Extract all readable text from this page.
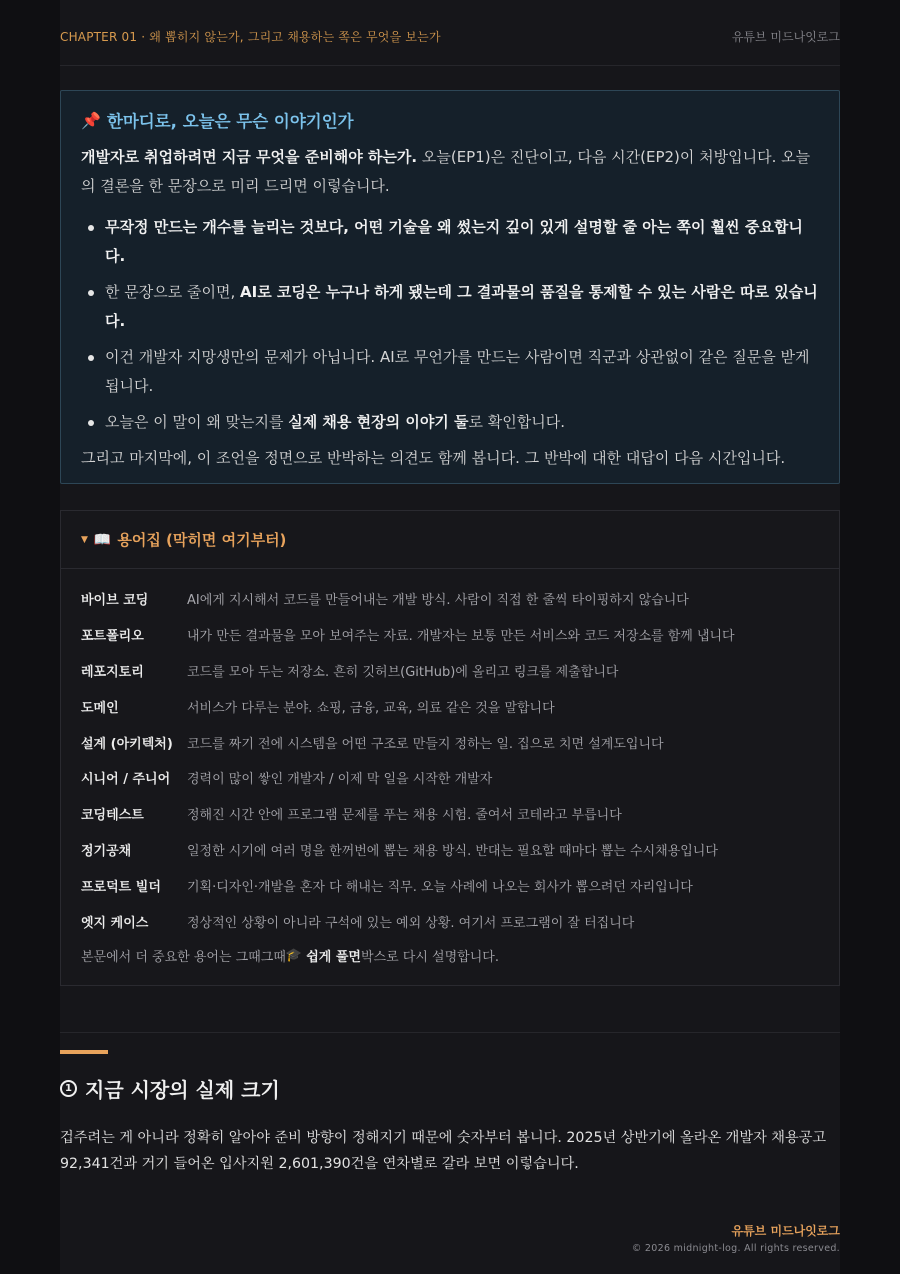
CHAPTER 01 · 왜 뽑히지 않는가, 그리고 채용하는 쪽은 무엇을 보는가	유튜브 미드나잇로그
📌 한마디로, 오늘은 무슨 이야기인가
개발자로 취업하려면 지금 무엇을 준비해야 하는가. 오늘(EP1)은 진단이고, 다음 시간(EP2)이 처방입니다. 오늘의 결론을 한 문장으로 미리 드리면 이렇습니다.
무작정 만드는 개수를 늘리는 것보다, 어떤 기술을 왜 썼는지 깊이 있게 설명할 줄 아는 쪽이 훨씬 중요합니다.
한 문장으로 줄이면, AI로 코딩은 누구나 하게 됐는데 그 결과물의 품질을 통제할 수 있는 사람은 따로 있습니다.
이건 개발자 지망생만의 문제가 아닙니다. AI로 무언가를 만드는 사람이면 직군과 상관없이 같은 질문을 받게 됩니다.
오늘은 이 말이 왜 맞는지를 실제 채용 현장의 이야기 둘로 확인합니다.
그리고 마지막에, 이 조언을 정면으로 반박하는 의견도 함께 봅니다. 그 반박에 대한 대답이 다음 시간입니다.
▼ 📖 용어집 (막히면 여기부터)
바이브 코딩	AI에게 지시해서 코드를 만들어내는 개발 방식. 사람이 직접 한 줄씩 타이핑하지 않습니다
포트폴리오	내가 만든 결과물을 모아 보여주는 자료. 개발자는 보통 만든 서비스와 코드 저장소를 함께 냅니다
레포지토리	코드를 모아 두는 저장소. 흔히 깃허브(GitHub)에 올리고 링크를 제출합니다
도메인	서비스가 다루는 분야. 쇼핑, 금융, 교육, 의료 같은 것을 말합니다
설계 (아키텍처)	코드를 짜기 전에 시스템을 어떤 구조로 만들지 정하는 일. 집으로 치면 설계도입니다
시니어 / 주니어	경력이 많이 쌓인 개발자 / 이제 막 일을 시작한 개발자
코딩테스트	정해진 시간 안에 프로그램 문제를 푸는 채용 시험. 줄여서 코테라고 부릅니다
정기공채	일정한 시기에 여러 명을 한꺼번에 뽑는 채용 방식. 반대는 필요할 때마다 뽑는 수시채용입니다
프로덕트 빌더	기획·디자인·개발을 혼자 다 해내는 직무. 오늘 사례에 나오는 회사가 뽑으려던 자리입니다
엣지 케이스	정상적인 상황이 아니라 구석에 있는 예외 상황. 여기서 프로그램이 잘 터집니다
본문에서 더 중요한 용어는 그때그때 🎓
쉽게 풀면 박스로 다시 설명합니다.
1 지금 시장의 실제 크기
겁주려는 게 아니라 정확히 알아야 준비 방향이 정해지기 때문에 숫자부터 봅니다. 2025년 상반기에 올라온 개발자 채용공고 92,341건과 거기 들어온 입사지원 2,601,390건을 연차별로 갈라 보면 이렇습니다.
유튜브 미드나잇로그
© 2026 midnight-log. All rights reserved.
